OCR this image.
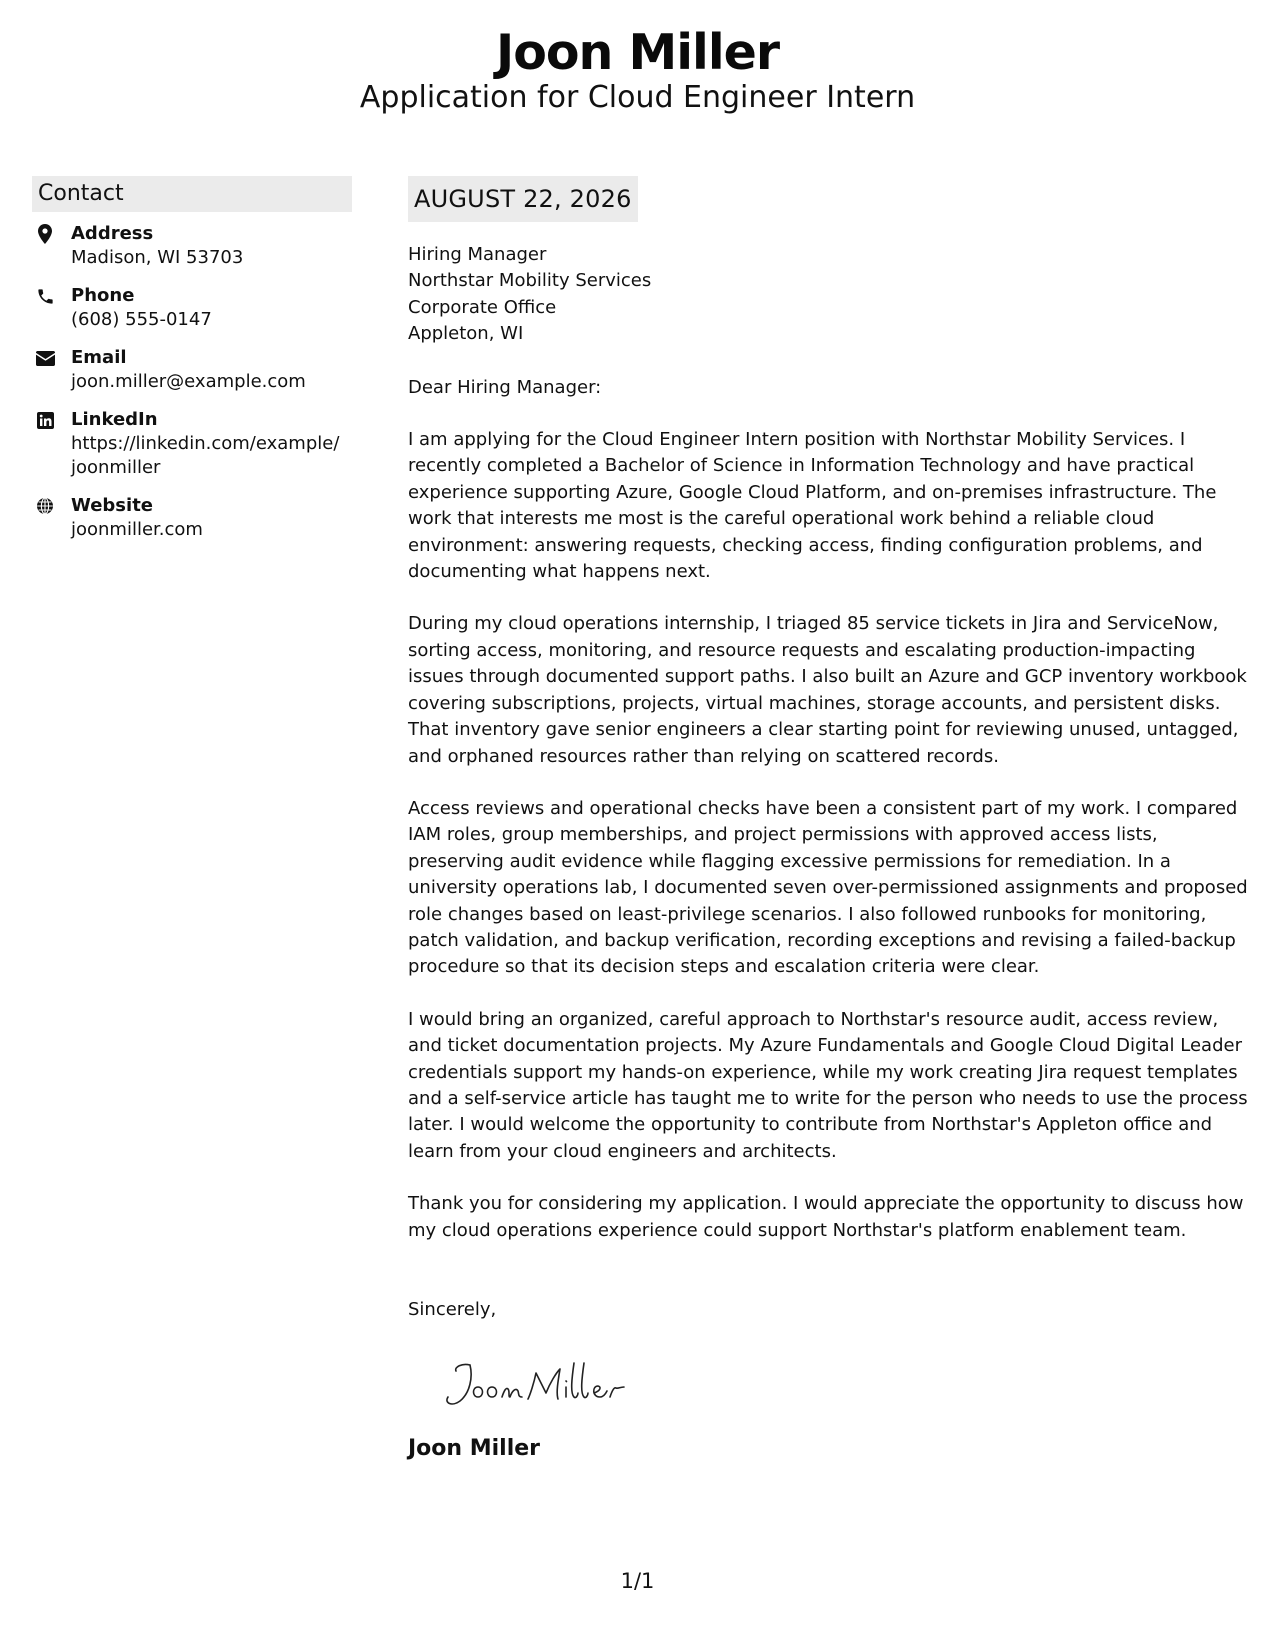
Joon Miller
Application for Cloud Engineer Intern
Contact
Address
Madison, WI 53703
Phone
(608) 555-0147
Email
joon.miller@example.com
LinkedIn
https://linkedin.com/example/joonmiller
Website
joonmiller.com
AUGUST 22, 2026
Hiring Manager
Northstar Mobility Services
Corporate Office
Appleton, WI
Dear Hiring Manager:

I am applying for the Cloud Engineer Intern position with Northstar Mobility Services. I recently completed a Bachelor of Science in Information Technology and have practical experience supporting Azure, Google Cloud Platform, and on-premises infrastructure. The work that interests me most is the careful operational work behind a reliable cloud environment: answering requests, checking access, finding configuration problems, and documenting what happens next.

During my cloud operations internship, I triaged 85 service tickets in Jira and ServiceNow, sorting access, monitoring, and resource requests and escalating production-impacting issues through documented support paths. I also built an Azure and GCP inventory workbook covering subscriptions, projects, virtual machines, storage accounts, and persistent disks. That inventory gave senior engineers a clear starting point for reviewing unused, untagged, and orphaned resources rather than relying on scattered records.

Access reviews and operational checks have been a consistent part of my work. I compared IAM roles, group memberships, and project permissions with approved access lists, preserving audit evidence while flagging excessive permissions for remediation. In a university operations lab, I documented seven over-permissioned assignments and proposed role changes based on least-privilege scenarios. I also followed runbooks for monitoring, patch validation, and backup verification, recording exceptions and revising a failed-backup procedure so that its decision steps and escalation criteria were clear.

I would bring an organized, careful approach to Northstar's resource audit, access review, and ticket documentation projects. My Azure Fundamentals and Google Cloud Digital Leader credentials support my hands-on experience, while my work creating Jira request templates and a self-service article has taught me to write for the person who needs to use the process later. I would welcome the opportunity to contribute from Northstar's Appleton office and learn from your cloud engineers and architects.

Thank you for considering my application. I would appreciate the opportunity to discuss how my cloud operations experience could support Northstar's platform enablement team.

Sincerely,
Joon Miller
1/1
